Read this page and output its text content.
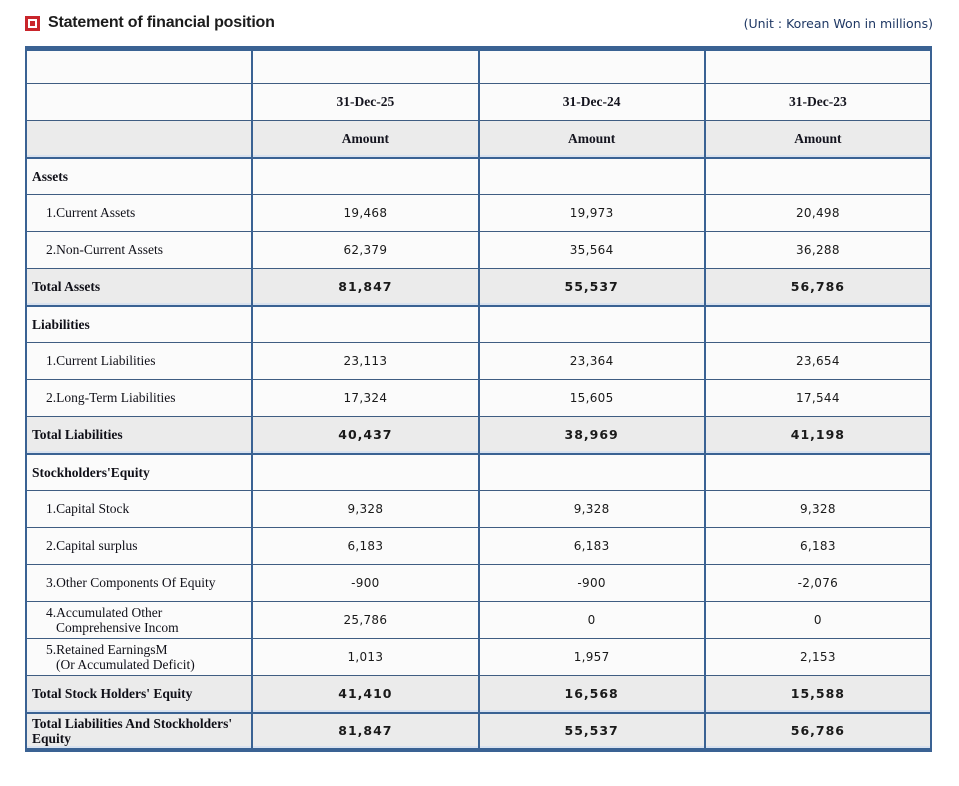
Statement of financial position	(Unit : Korean Won in millions)

	31-Dec-25	31-Dec-24	31-Dec-23
	Amount	Amount	Amount

Assets			

1.Current Assets	19,468	19,973	20,498

2.Non-Current Assets	62,379	35,564	36,288

Total Assets	81,847	55,537	56,786

Liabilities			

1.Current Liabilities	23,113	23,364	23,654

2.Long-Term Liabilities	17,324	15,605	17,544

Total Liabilities	40,437	38,969	41,198

Stockholders'Equity			

1.Capital Stock	9,328	9,328	9,328

2.Capital surplus	6,183	6,183	6,183

3.Other Components Of Equity	-900	-900	-2,076

4.Accumulated Other
Comprehensive Incom	25,786	0	0

5.Retained EarningsM
(Or Accumulated Deficit)	1,013	1,957	2,153

Total Stock Holders' Equity	41,410	16,568	15,588

Total Liabilities And Stockholders' Equity	81,847	55,537	56,786
